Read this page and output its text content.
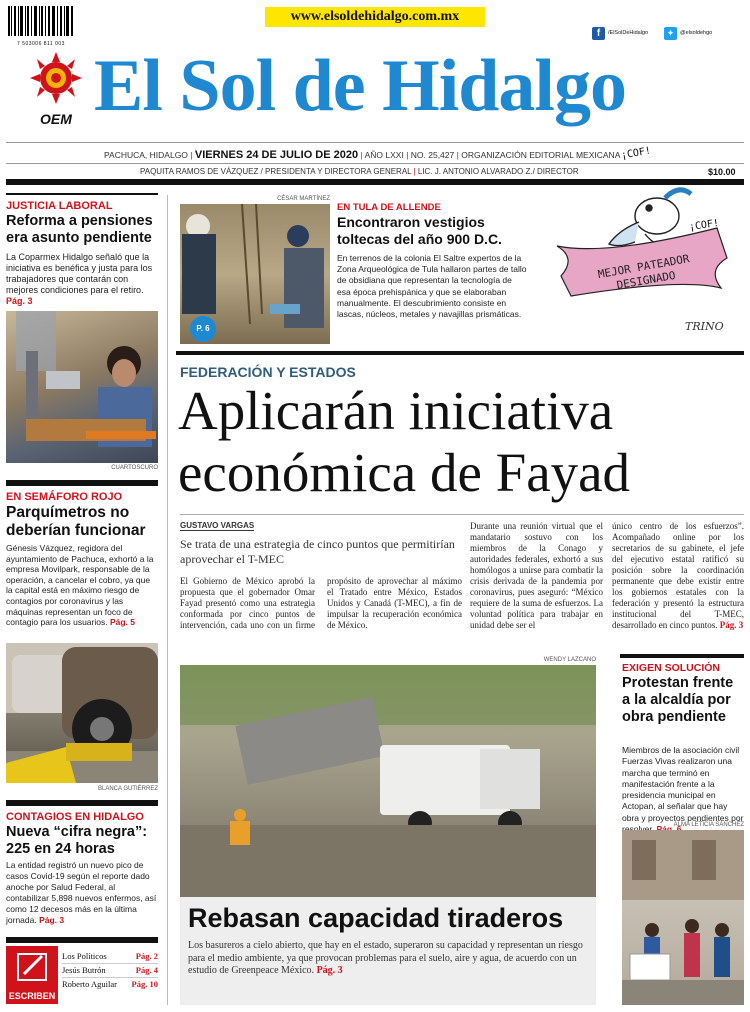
7 503006 811 003
www.elsoldehidalgo.com.mx
f	/ElSolDeHidalgo	✦	@elsoldehgo
OEM El Sol de Hidalgo
PACHUCA, HIDALGO | VIERNES 24 DE JULIO DE 2020 | AÑO LXXI | NO. 25,427 | ORGANIZACIÓN EDITORIAL MEXICANA
PAQUITA RAMOS DE VÁZQUEZ / PRESIDENTA Y DIRECTORA GENERAL | LIC. J. ANTONIO ALVARADO Z./ DIRECTOR	$10.00
JUSTICIA LABORAL
Reforma a pensiones era asunto pendiente
La Coparmex Hidalgo señaló que la iniciativa es benéfica y justa para los trabajadores que contarán con mejores condiciones para el retiro. Pág. 3
CUARTOSCURO
EN SEMÁFORO ROJO
Parquímetros no deberían funcionar
Génesis Vázquez, regidora del ayuntamiento de Pachuca, exhortó a la empresa Movilpark, responsable de la operación, a cancelar el cobro, ya que la capital está en máximo riesgo de contagios por coronavirus y las máquinas representan un foco de contagio para los usuarios. Pág. 5
BLANCA GUTIÉRREZ
CONTAGIOS EN HIDALGO
Nueva “cifra negra”: 225 en 24 horas
La entidad registró un nuevo pico de casos Covid-19 según el reporte dado anoche por Salud Federal, al contabilizar 5,898 nuevos enfermos, así como 12 decesos más en la última jornada. Pág. 3
ESCRIBEN
Los Políticos	Pág. 2
Jesús Butrón	Pág. 4
Roberto Aguilar Pág. 10
CÉSAR MARTÍNEZ
P. 6
EN TULA DE ALLENDE
Encontraron vestigios toltecas del año 900 D.C.
En terrenos de la colonia El Saltre expertos de la Zona Arqueológica de Tula hallaron partes de tallo de obsidiana que representan la tecnología de esa época prehispánica y que se elaboraban manualmente. El descubrimiento consiste en lascas, núcleos, metales y navajillas prismáticas.
¡COF!
¡COF!
MEJOR PATEADOR DESIGNADO
TRINO
FEDERACIÓN Y ESTADOS
Aplicarán iniciativa
económica de Fayad
GUSTAVO VARGAS
Se trata de una estrategia de cinco puntos que permitirían aprovechar el T-MEC
El Gobierno de México aprobó la propuesta que el gobernador Omar Fayad presentó como una estrategia conformada por cinco puntos de intervención, cada uno con un firme propósito de aprovechar al máximo el Tratado entre México, Estados Unidos y Canadá (T-MEC), a fin de impulsar la recuperación económica de México.
Durante una reunión virtual que el mandatario sostuvo con los miembros de la Conago y autoridades federales, exhortó a sus homólogos a unirse para combatir la crisis derivada de la pandemia por coronavirus, pues aseguró: “México requiere de la suma de esfuerzos. La voluntad política para trabajar en unidad debe ser el
único centro de los esfuerzos”. Acompañado online por los secretarios de su gabinete, el jefe del ejecutivo estatal ratificó su posición sobre la coordinación permanente que debe existir entre los gobiernos estatales con la federación y presentó la estructura institucional del T-MEC, desarrollado en cinco puntos. Pág. 3
WENDY LAZCANO
Rebasan capacidad tiraderos
Los basureros a cielo abierto, que hay en el estado, superaron su capacidad y representan un riesgo para el medio ambiente, ya que provocan problemas para el suelo, aire y agua, de acuerdo con un estudio de Greenpeace México. Pág. 3
EXIGEN SOLUCIÓN
Protestan frente a la alcaldía por obra pendiente
Miembros de la asociación civil Fuerzas Vivas realizaron una marcha que terminó en manifestación frente a la presidencia municipal en Actopan, al señalar que hay obra y proyectos pendientes por
ALMA LETICIA SÁNCHEZ
